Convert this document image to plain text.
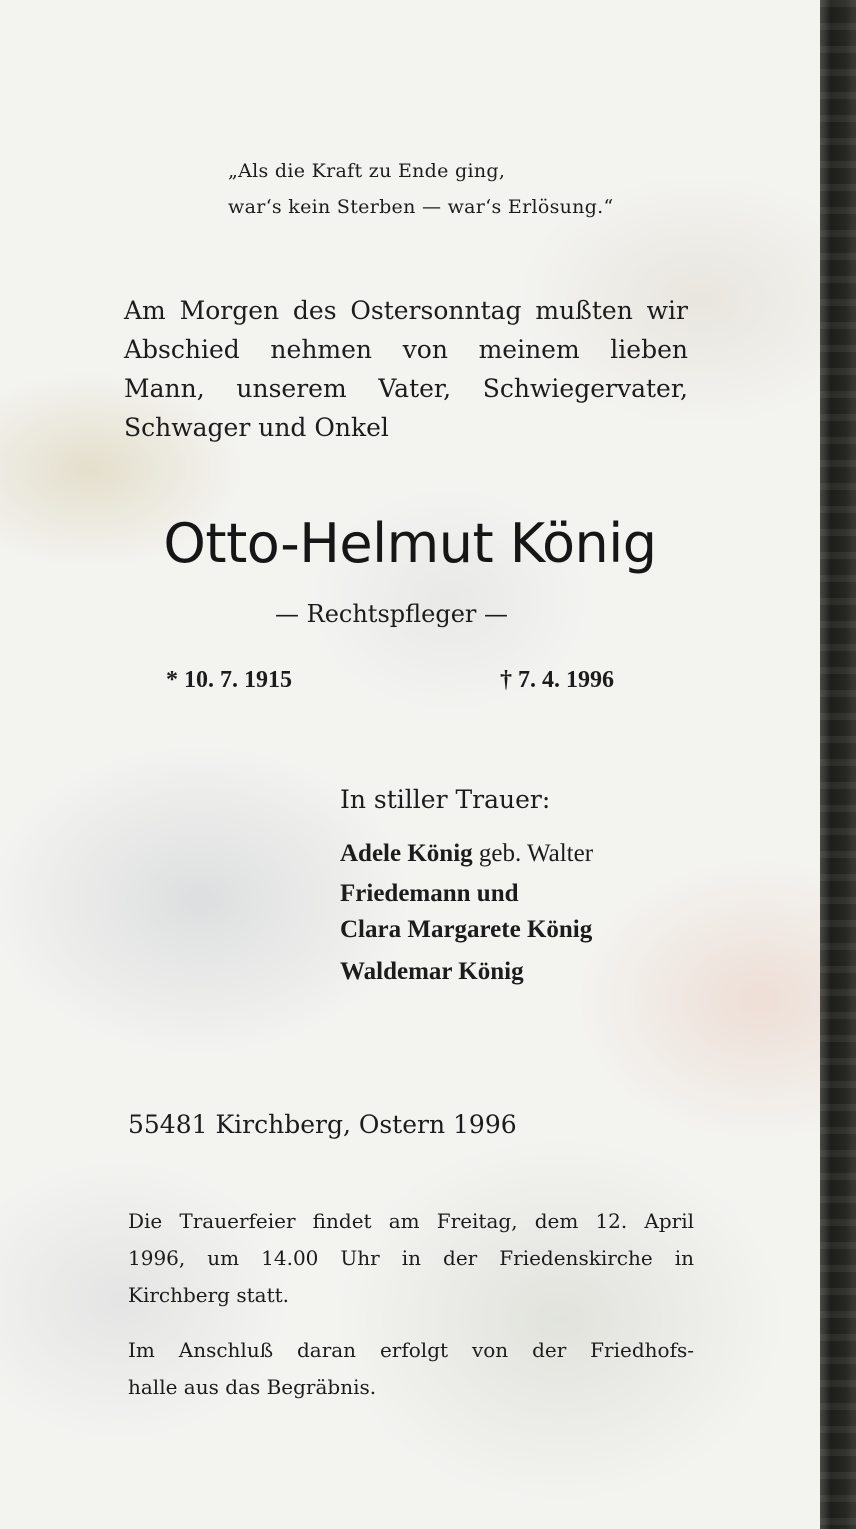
„Als die Kraft zu Ende ging,
war‘s kein Sterben — war‘s Erlösung.“
Am Morgen des Ostersonntag mußten wir
Abschied nehmen von meinem lieben
Mann, unserem Vater, Schwiegervater,
Schwager und Onkel
Otto-Helmut König
— Rechtspfleger —
* 10. 7. 1915	† 7. 4. 1996
In stiller Trauer:
Adele König geb. Walter
Friedemann und
Clara Margarete König
Waldemar König
55481 Kirchberg, Ostern 1996
Die Trauerfeier findet am Freitag, dem 12. April
1996, um 14.00 Uhr in der Friedenskirche in
Kirchberg statt.
Im Anschluß daran erfolgt von der Friedhofs-
halle aus das Begräbnis.
